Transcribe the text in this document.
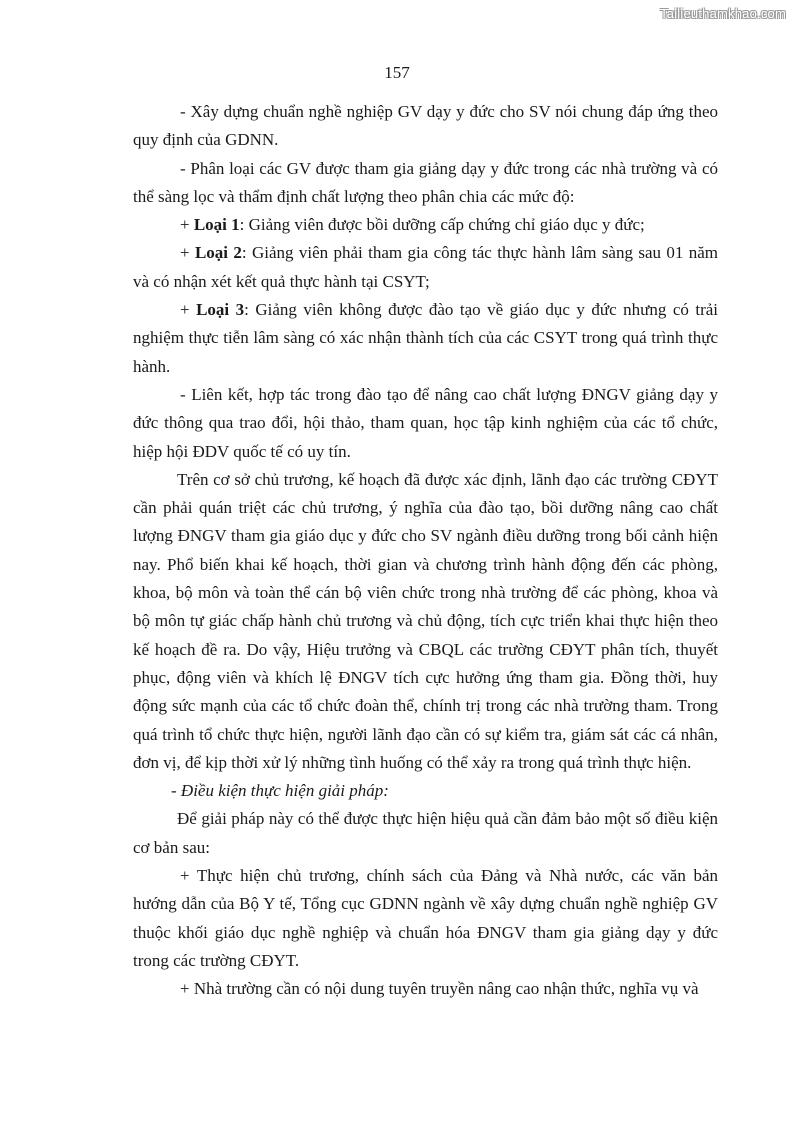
Tailieuthamkhao.com
157

- Xây dựng chuẩn nghề nghiệp GV dạy y đức cho SV nói chung đáp ứng theo quy định của GDNN.

- Phân loại các GV được tham gia giảng dạy y đức trong các nhà trường và có thể sàng lọc và thẩm định chất lượng theo phân chia các mức độ:

+ Loại 1: Giảng viên được bồi dưỡng cấp chứng chỉ giáo dục y đức;

+ Loại 2: Giảng viên phải tham gia công tác thực hành lâm sàng sau 01 năm và có nhận xét kết quả thực hành tại CSYT;

+ Loại 3: Giảng viên không được đào tạo về giáo dục y đức nhưng có trải nghiệm thực tiễn lâm sàng có xác nhận thành tích của các CSYT trong quá trình thực hành.

- Liên kết, hợp tác trong đào tạo để nâng cao chất lượng ĐNGV giảng dạy y đức thông qua trao đổi, hội thảo, tham quan, học tập kinh nghiệm của các tổ chức, hiệp hội ĐDV quốc tế có uy tín.

Trên cơ sở chủ trương, kế hoạch đã được xác định, lãnh đạo các trường CĐYT cần phải quán triệt các chủ trương, ý nghĩa của đào tạo, bồi dưỡng nâng cao chất lượng ĐNGV tham gia giáo dục y đức cho SV ngành điều dưỡng trong bối cảnh hiện nay. Phổ biến khai kế hoạch, thời gian và chương trình hành động đến các phòng, khoa, bộ môn và toàn thể cán bộ viên chức trong nhà trường để các phòng, khoa và bộ môn tự giác chấp hành chủ trương và chủ động, tích cực triển khai thực hiện theo kế hoạch đề ra. Do vậy, Hiệu trưởng và CBQL các trường CĐYT phân tích, thuyết phục, động viên và khích lệ ĐNGV tích cực hưởng ứng tham gia. Đồng thời, huy động sức mạnh của các tổ chức đoàn thể, chính trị trong các nhà trường tham. Trong quá trình tổ chức thực hiện, người lãnh đạo cần có sự kiểm tra, giám sát các cá nhân, đơn vị, để kịp thời xử lý những tình huống có thể xảy ra trong quá trình thực hiện.

- Điều kiện thực hiện giải pháp:

Để giải pháp này có thể được thực hiện hiệu quả cần đảm bảo một số điều kiện cơ bản sau:

+ Thực hiện chủ trương, chính sách của Đảng và Nhà nước, các văn bản hướng dẫn của Bộ Y tế, Tổng cục GDNN ngành về xây dựng chuẩn nghề nghiệp GV thuộc khối giáo dục nghề nghiệp và chuẩn hóa ĐNGV tham gia giảng dạy y đức trong các trường CĐYT.

+ Nhà trường cần có nội dung tuyên truyền nâng cao nhận thức, nghĩa vụ và
